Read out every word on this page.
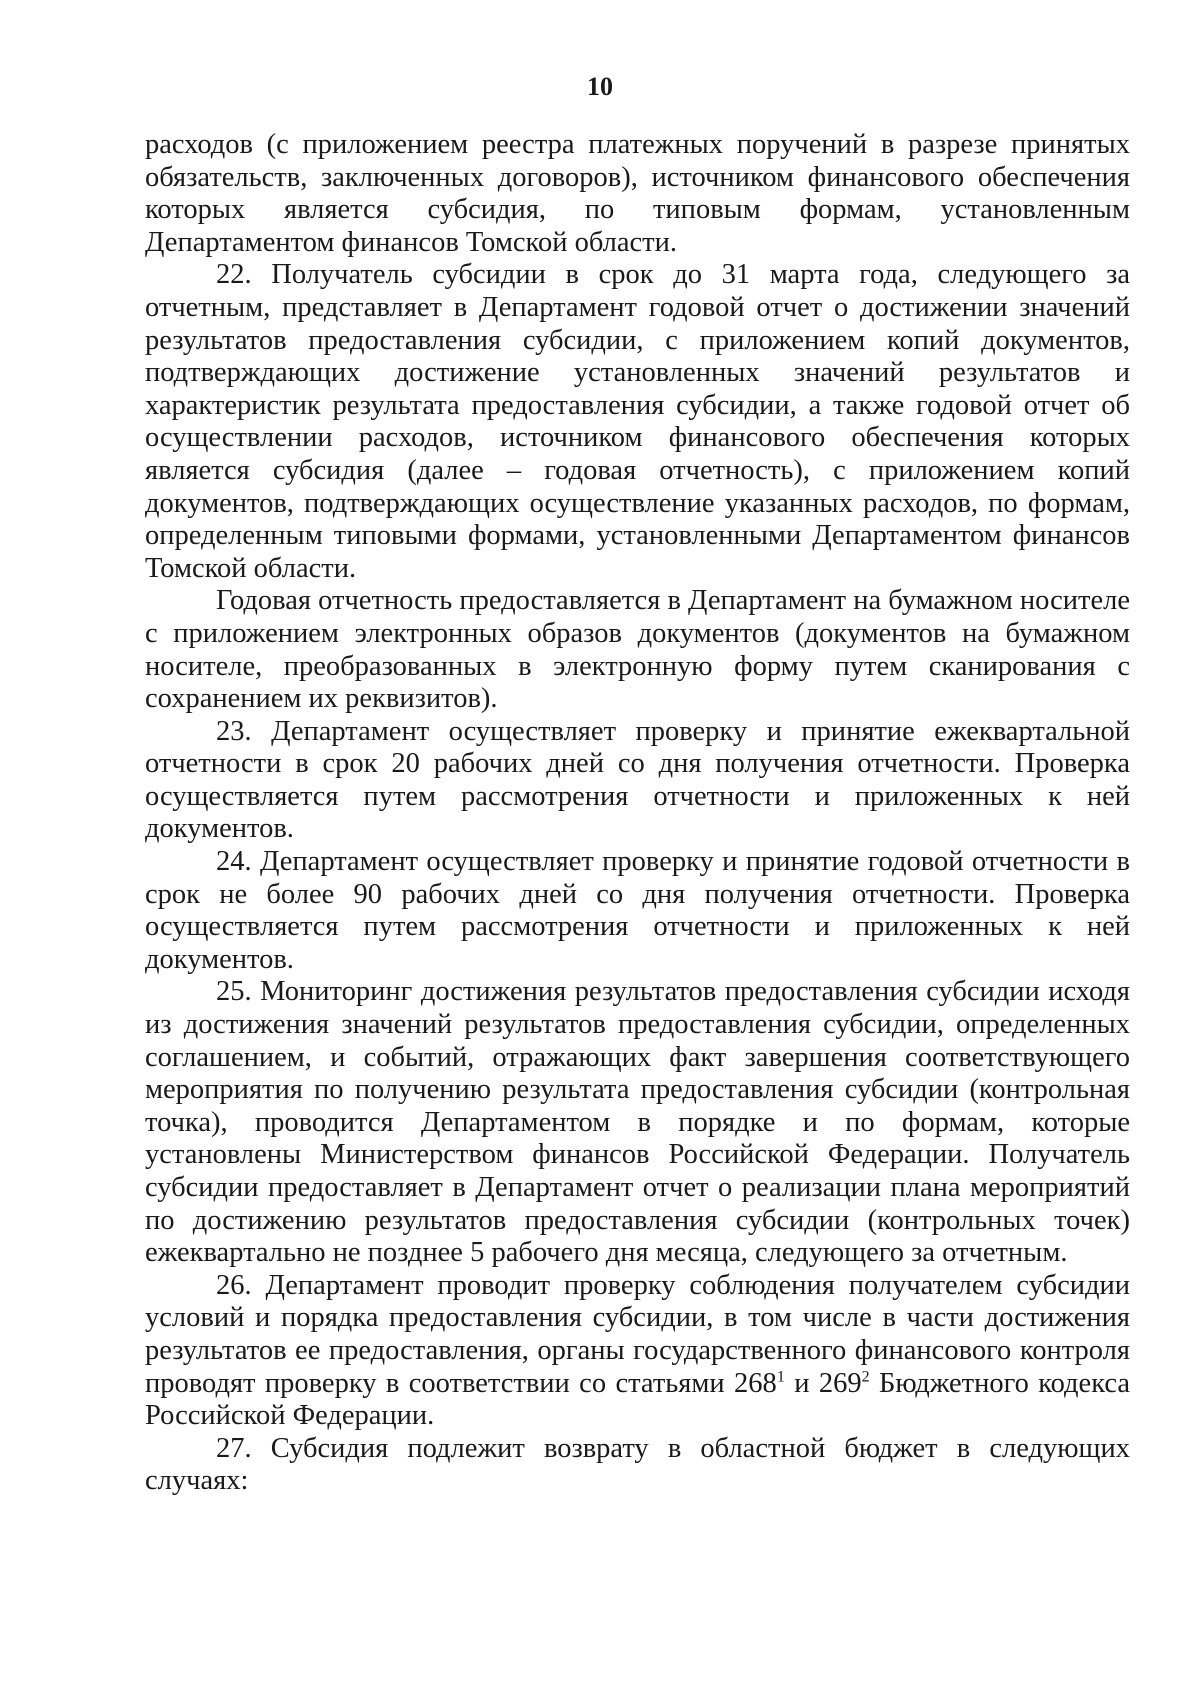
10

расходов (с приложением реестра платежных поручений в разрезе принятых обязательств, заключенных договоров), источником финансового обеспечения которых является субсидия, по типовым формам, установленным Департаментом финансов Томской области.

22. Получатель субсидии в срок до 31 марта года, следующего за отчетным, представляет в Департамент годовой отчет о достижении значений результатов предоставления субсидии, с приложением копий документов, подтверждающих достижение установленных значений результатов и характеристик результата предоставления субсидии, а также годовой отчет об осуществлении расходов, источником финансового обеспечения которых является субсидия (далее – годовая отчетность), с приложением копий документов, подтверждающих осуществление указанных расходов, по формам, определенным типовыми формами, установленными Департаментом финансов Томской области.

Годовая отчетность предоставляется в Департамент на бумажном носителе с приложением электронных образов документов (документов на бумажном носителе, преобразованных в электронную форму путем сканирования с сохранением их реквизитов).

23. Департамент осуществляет проверку и принятие ежеквартальной отчетности в срок 20 рабочих дней со дня получения отчетности. Проверка осуществляется путем рассмотрения отчетности и приложенных к ней документов.

24. Департамент осуществляет проверку и принятие годовой отчетности в срок не более 90 рабочих дней со дня получения отчетности. Проверка осуществляется путем рассмотрения отчетности и приложенных к ней документов.

25. Мониторинг достижения результатов предоставления субсидии исходя из достижения значений результатов предоставления субсидии, определенных соглашением, и событий, отражающих факт завершения соответствующего мероприятия по получению результата предоставления субсидии (контрольная точка), проводится Департаментом в порядке и по формам, которые установлены Министерством финансов Российской Федерации. Получатель субсидии предоставляет в Департамент отчет о реализации плана мероприятий по достижению результатов предоставления субсидии (контрольных точек) ежеквартально не позднее 5 рабочего дня месяца, следующего за отчетным.

26. Департамент проводит проверку соблюдения получателем субсидии условий и порядка предоставления субсидии, в том числе в части достижения результатов ее предоставления, органы государственного финансового контроля проводят проверку в соответствии со статьями $268^1$ и $269^2$ Бюджетного кодекса Российской Федерации.

27. Субсидия подлежит возврату в областной бюджет в следующих случаях:
